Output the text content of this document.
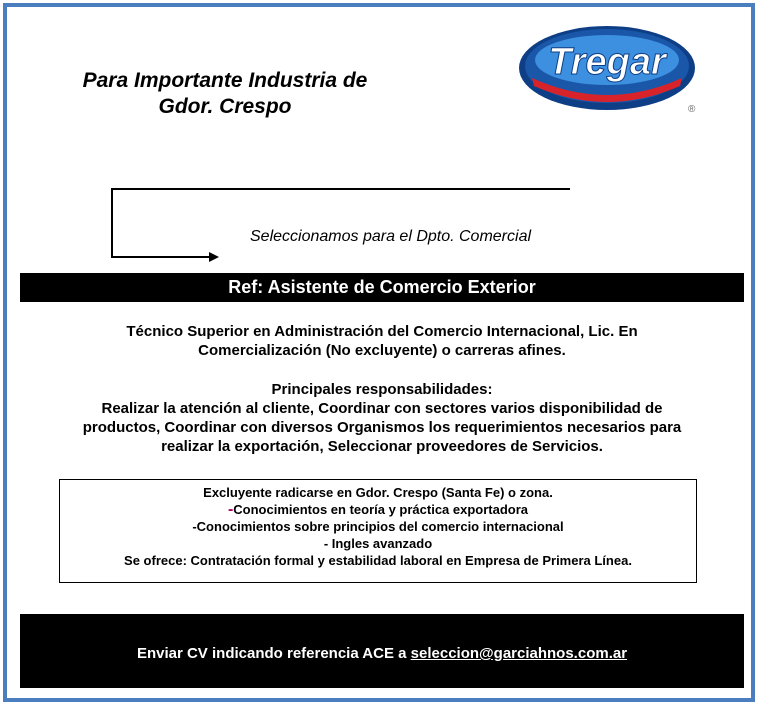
Para Importante Industria de
Gdor. Crespo
Tregar
®
Seleccionamos para el Dpto. Comercial
Ref: Asistente de Comercio Exterior
Técnico Superior en Administración del Comercio Internacional, Lic. En
Comercialización (No excluyente) o carreras afines.
Principales responsabilidades:
Realizar la atención al cliente, Coordinar con sectores varios disponibilidad de
productos, Coordinar con diversos Organismos los requerimientos necesarios para
realizar la exportación, Seleccionar proveedores de Servicios.
Excluyente radicarse en Gdor. Crespo (Santa Fe) o zona.
-Conocimientos en teoría y práctica exportadora
-Conocimientos sobre principios del comercio internacional
- Ingles avanzado
Se ofrece: Contratación formal y estabilidad laboral en Empresa de Primera Línea.
Enviar CV indicando referencia ACE a seleccion@garciahnos.com.ar
